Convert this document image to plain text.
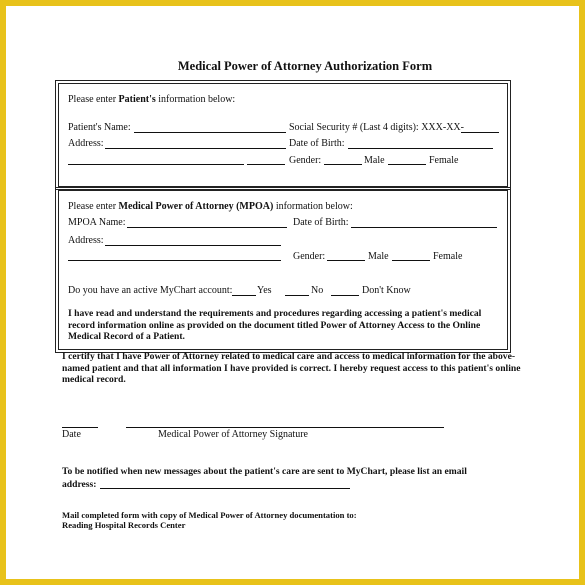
Medical Power of Attorney Authorization Form
Please enter Patient's information below:
Patient's Name:	Social Security # (Last 4 digits): XXX-XX-
Address:	Date of Birth:
Gender:	Male	Female
Please enter Medical Power of Attorney (MPOA) information below:
MPOA Name:	Date of Birth:
Address:
Gender:	Male	Female
Do you have an active MyChart account: Yes	No	Don't Know
I have read and understand the requirements and procedures regarding accessing a patient's medical record information online as provided on the document titled Power of Attorney Access to the Online Medical Record of a Patient.
I certify that I have Power of Attorney related to medical care and access to medical information for the above-named patient and that all information I have provided is correct. I hereby request access to this patient's online medical record.
Date	Medical Power of Attorney Signature
To be notified when new messages about the patient's care are sent to MyChart, please list an email
address:
Mail completed form with copy of Medical Power of Attorney documentation to:
Reading Hospital Records Center
